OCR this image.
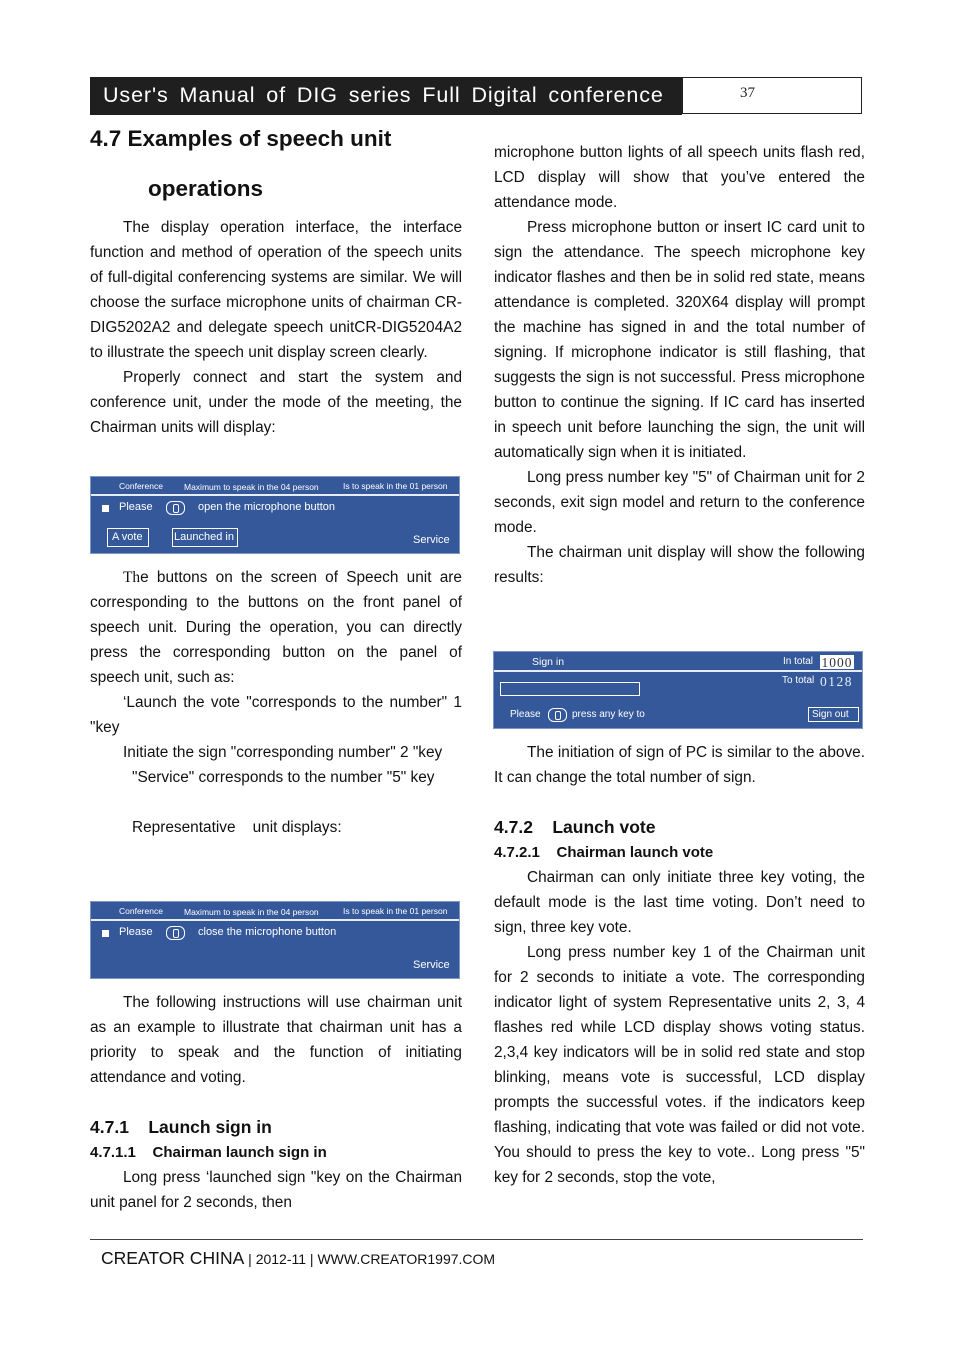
User's Manual of DIG series Full Digital conference	37
4.7 Examples of speech unit
operations

The display operation interface, the interface function and method of operation of the speech units of full-digital conferencing systems are similar. We will choose the surface microphone units of chairman CR-DIG5202A2 and delegate speech unitCR-DIG5204A2 to illustrate the speech unit display screen clearly.

Properly connect and start the system and conference unit, under the mode of the meeting, the Chairman units will display:

Conference Maximum to speak in the 04 person	Is to speak in the 01 person
Please	open the microphone button
A vote	Launched in	Service

The buttons on the screen of Speech unit are corresponding to the buttons on the front panel of speech unit. During the operation, you can directly press the corresponding button on the panel of speech unit, such as:

‘Launch the vote "corresponds to the number" 1 "key

Initiate the sign "corresponding number" 2 "key

"Service" corresponds to the number "5" key

Representative    unit displays:

Conference Maximum to speak in the 04 person	Is to speak in the 01 person
Please	close the microphone button
Service

The following instructions will use chairman unit as an example to illustrate that chairman unit has a priority to speak and the function of initiating attendance and voting.

4.7.1    Launch sign in

4.7.1.1    Chairman launch sign in

Long press ‘launched sign "key on the Chairman unit panel for 2 seconds, then

microphone button lights of all speech units flash red, LCD display will show that you’ve entered the attendance mode.

Press microphone button or insert IC card unit to sign the attendance. The speech microphone key indicator flashes and then be in solid red state, means attendance is completed. 320X64 display will prompt the machine has signed in and the total number of signing. If microphone indicator is still flashing, that suggests the sign is not successful. Press microphone button to continue the signing. If IC card has inserted in speech unit before launching the sign, the unit will automatically sign when it is initiated.

Long press number key "5" of Chairman unit for 2 seconds, exit sign model and return to the conference mode.

The chairman unit display will show the following results:

Sign in	In total 1000
To total 0128
Please	press any key to	Sign out

The initiation of sign of PC is similar to the above. It can change the total number of sign.

4.7.2    Launch vote

4.7.2.1    Chairman launch vote

Chairman can only initiate three key voting, the default mode is the last time voting. Don’t need to sign, three key vote.

Long press number key 1 of the Chairman unit for 2 seconds to initiate a vote. The corresponding indicator light of system Representative units 2, 3, 4 flashes red while LCD display shows voting status. 2,3,4 key indicators will be in solid red state and stop blinking, means vote is successful, LCD display prompts the successful votes. if the indicators keep flashing, indicating that vote was failed or did not vote. You should to press the key to vote.. Long press "5" key for 2 seconds, stop the vote,

CREATOR CHINA | 2012-11 | WWW.CREATOR1997.COM
